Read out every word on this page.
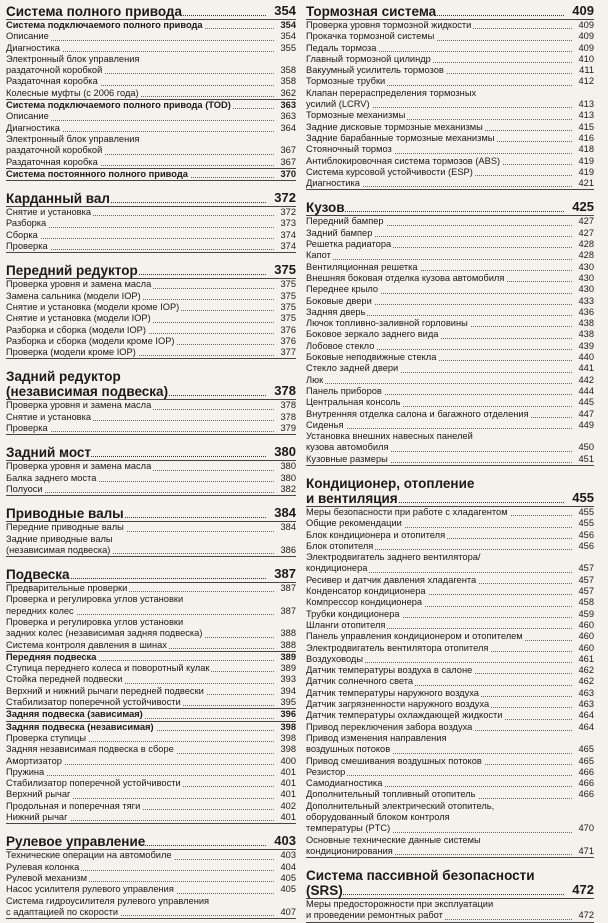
Система полного привода	354
Система подключаемого полного привода	354
Описание	354
Диагностика	355
Электронный блок управления
раздаточной коробкой	358
Раздаточная коробка	358
Колесные муфты (с 2006 года)	362
Система подключаемого полного привода (TOD)	363
Описание	363
Диагностика	364
Электронный блок управления
раздаточной коробкой	367
Раздаточная коробка	367
Система постоянного полного привода	370
Карданный вал	372
Снятие и установка	372
Разборка	373
Сборка	374
Проверка	374
Передний редуктор	375
Проверка уровня и замена масла	375
Замена сальника (модели IOP)	375
Снятие и установка (модели кроме IOP)	375
Снятие и установка (модели IOP)	375
Разборка и сборка (модели IOP)	376
Разборка и сборка (модели кроме IOP)	376
Проверка (модели кроме IOP)	377
Задний редуктор
(независимая подвеска)	378
Проверка уровня и замена масла	378
Снятие и установка	378
Проверка	379
Задний мост	380
Проверка уровня и замена масла	380
Балка заднего моста	380
Полуоси	382
Приводные валы	384
Передние приводные валы	384
Задние приводные валы
(независимая подвеска)	386
Подвеска	387
Предварительные проверки	387
Проверка и регулировка углов установки
передних колес	387
Проверка и регулировка углов установки
задних колес (независимая задняя подвеска)	388
Система контроля давления в шинах	388
Передняя подвеска	389
Ступица переднего колеса и поворотный кулак	389
Стойка передней подвески	393
Верхний и нижний рычаги передней подвески	394
Стабилизатор поперечной устойчивости	395
Задняя подвеска (зависимая)	396
Задняя подвеска (независимая)	398
Проверка ступицы	398
Задняя независимая подвеска в сборе	398
Амортизатор	400
Пружина	401
Стабилизатор поперечной устойчивости	401
Верхний рычаг	401
Продольная и поперечная тяги	402
Нижний рычаг	401
Рулевое управление	403
Технические операции на автомобиле	403
Рулевая колонка	404
Рулевой механизм	405
Насос усилителя рулевого управления	405
Система гидроусилителя рулевого управления
с адаптацией по скорости	407
Тормозная система	409
Проверка уровня тормозной жидкости	409
Прокачка тормозной системы	409
Педаль тормоза	409
Главный тормозной цилиндр	410
Вакуумный усилитель тормозов	411
Тормозные трубки	412
Клапан перераспределения тормозных
усилий (LCRV)	413
Тормозные механизмы	413
Задние дисковые тормозные механизмы	415
Задние барабанные тормозные механизмы	416
Стояночный тормоз	418
Антиблокировочная система тормозов (ABS)	419
Система курсовой устойчивости (ESP)	419
Диагностика	421
Кузов	425
Передний бампер	427
Задний бампер	427
Решетка радиатора	428
Капот	428
Вентиляционная решетка	430
Внешняя боковая отделка кузова автомобиля	430
Переднее крыло	430
Боковые двери	433
Задняя дверь	436
Лючок топливно-заливной горловины	438
Боковое зеркало заднего вида	438
Лобовое стекло	439
Боковые неподвижные стекла	440
Стекло задней двери	441
Люк	442
Панель приборов	444
Центральная консоль	445
Внутренняя отделка салона и багажного отделения	447
Сиденья	449
Установка внешних навесных панелей
кузова автомобиля	450
Кузовные размеры	451
Кондиционер, отопление
и вентиляция	455
Меры безопасности при работе с хладагентом	455
Общие рекомендации	455
Блок кондиционера и отопителя	456
Блок отопителя	456
Электродвигатель заднего вентилятора/
кондиционера	457
Ресивер и датчик давления хладагента	457
Конденсатор кондиционера	457
Компрессор кондиционера	458
Трубки кондиционера	459
Шланги отопителя	460
Панель управления кондиционером и отопителем	460
Электродвигатель вентилятора отопителя	460
Воздуховоды	461
Датчик температуры воздуха в салоне	462
Датчик солнечного света	462
Датчик температуры наружного воздуха	463
Датчик загрязненности наружного воздуха	463
Датчик температуры охлаждающей жидкости	464
Привод переключения забора воздуха	464
Привод изменения направления
воздушных потоков	465
Привод смешивания воздушных потоков	465
Резистор	466
Самодиагностика	466
Дополнительный топливный отопитель	466
Дополнительный электрический отопитель,
оборудованный блоком контроля
температуры (PTC)	470
Основные технические данные системы
кондиционирования	471
Система пассивной безопасности
(SRS)	472
Меры предосторожности при эксплуатации
и проведении ремонтных работ	472
